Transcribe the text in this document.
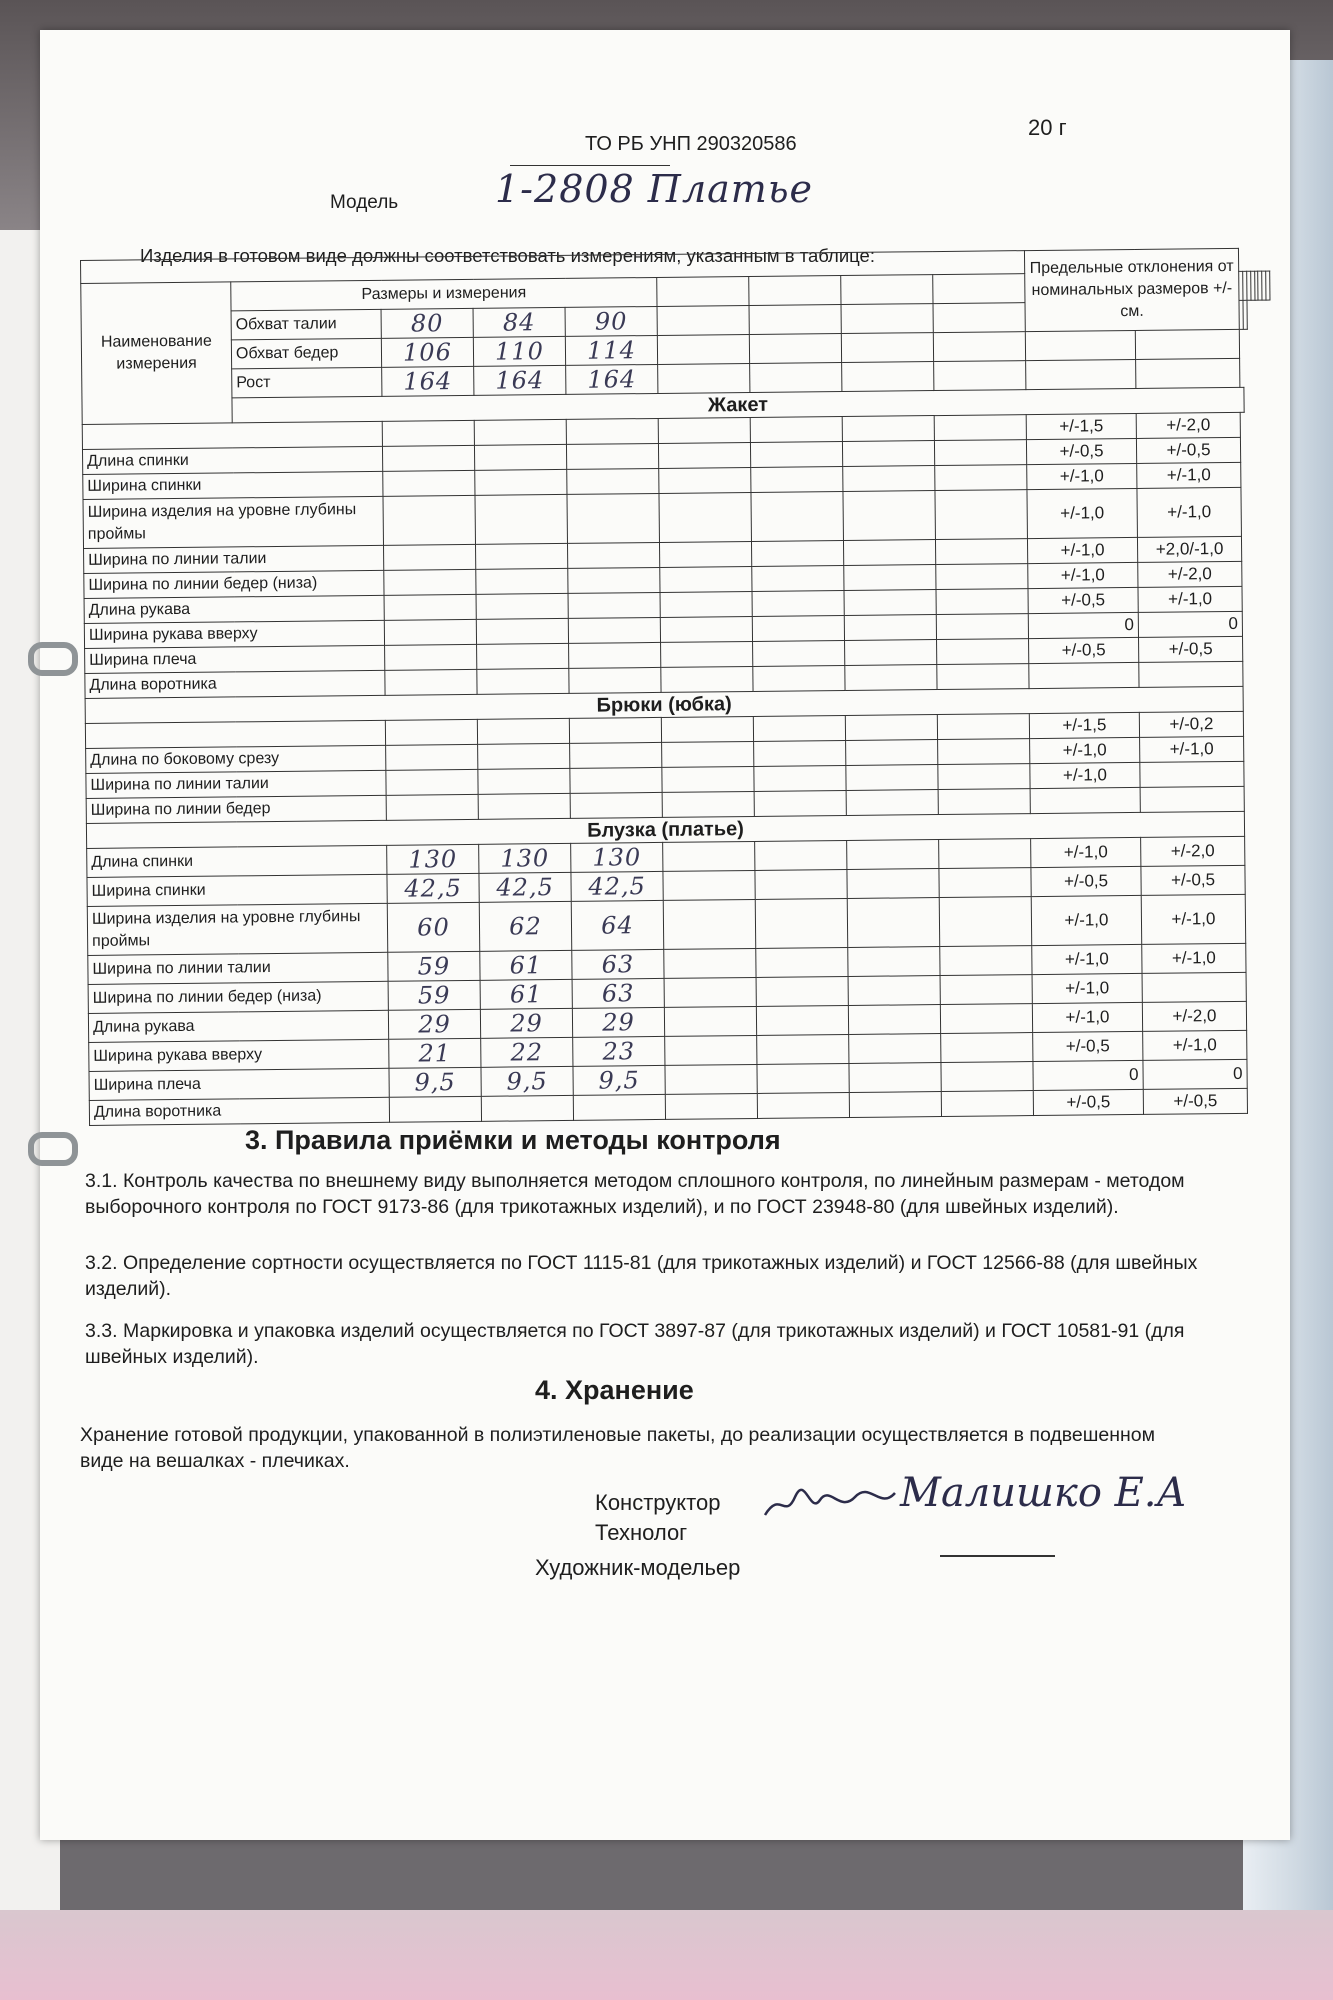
20 г
ТО РБ УНП 290320586
Модель	1-2808 Платье
Изделия в готовом виде должны соответствовать измерениям, указанным в таблице:
									Предельные отклонения от номинальных размеров +/- см.									
Наименование измерения	Размеры и измерения												
	Обхват талии	80	84	90						
	Обхват бедер	106	110	114														
	Рост	164	164	164														
	Жакет																	
									+/-1,5	+/-2,0								
Длина спинки									+/-0,5	+/-0,5								
Ширина спинки									+/-1,0	+/-1,0								
Ширина изделия на уровне глубины проймы									+/-1,0	+/-1,0								
Ширина по линии талии									+/-1,0	+2,0/-1,0								
Ширина по линии бедер (низа)									+/-1,0	+/-2,0								
Длина рукава									+/-0,5	+/-1,0								
Ширина рукава вверху									0	0								
Ширина плеча									+/-0,5	+/-0,5								
Длина воротника																		
Брюки (юбка)																		
									+/-1,5	+/-0,2								
Длина по боковому срезу									+/-1,0	+/-1,0								
Ширина по линии талии									+/-1,0									
Ширина по линии бедер																		
Блузка (платье)																		
Длина спинки		130	130	130					+/-1,0	+/-2,0								
Ширина спинки		42,5	42,5	42,5					+/-0,5	+/-0,5								
Ширина изделия на уровне глубины проймы		60	62	64					+/-1,0	+/-1,0								
Ширина по линии талии		59	61	63					+/-1,0	+/-1,0								
Ширина по линии бедер (низа)		59	61	63					+/-1,0									
Длина рукава		29	29	29					+/-1,0	+/-2,0								
Ширина рукава вверху		21	22	23					+/-0,5	+/-1,0								
Ширина плеча		9,5	9,5	9,5					0	0								
Длина воротника									+/-0,5	+/-0,5								
3. Правила приёмки и методы контроля
3.1. Контроль качества по внешнему виду выполняется методом сплошного контроля, по линейным размерам - методом выборочного контроля по ГОСТ 9173-86 (для трикотажных изделий), и по ГОСТ 23948-80 (для швейных изделий).
3.2. Определение сортности осуществляется по ГОСТ 1115-81 (для трикотажных изделий) и ГОСТ 12566-88 (для швейных изделий).
3.3. Маркировка и упаковка изделий осуществляется по ГОСТ 3897-87 (для трикотажных изделий) и ГОСТ 10581-91 (для швейных изделий).
4. Хранение
Хранение готовой продукции, упакованной в полиэтиленовые пакеты, до реализации осуществляется в подвешенном виде на вешалках - плечиках.
Конструктор	Малишко Е.А
Технолог
Художник-модельер
